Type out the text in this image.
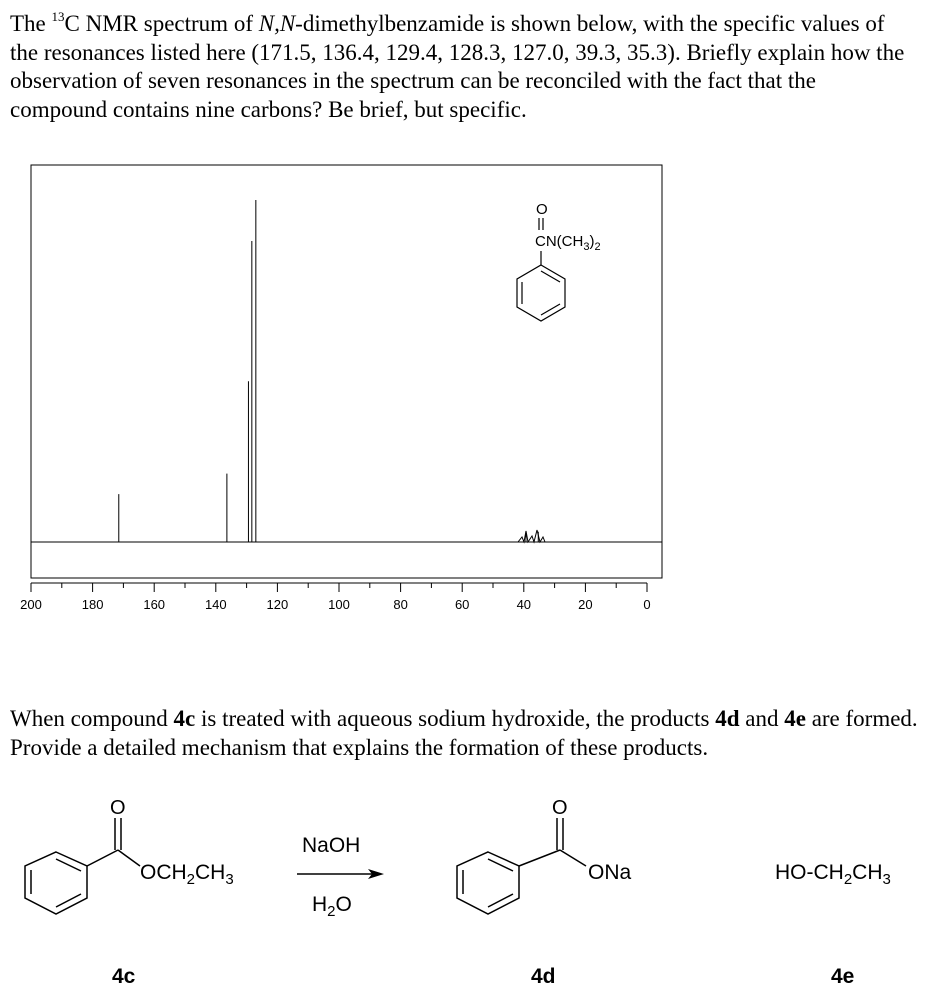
The $^{13}$C NMR spectrum of N,N-dimethylbenzamide is shown below, with the specific values of the resonances listed here (171.5, 136.4, 129.4, 128.3, 127.0, 39.3, 35.3). Briefly explain how the observation of seven resonances in the spectrum can be reconciled with the fact that the compound contains nine carbons? Be brief, but specific.
200	180	160	140	120	100	80	60	40	20	0
O
$CN(CH_3)_2$
When compound 4c is treated with aqueous sodium hydroxide, the products 4d and 4e are formed. Provide a detailed mechanism that explains the formation of these products.
O
$OCH_2CH_3$
NaOH
$H_2O$
O
ONa	$HO-CH_2CH_3$
4c	4d	4e
